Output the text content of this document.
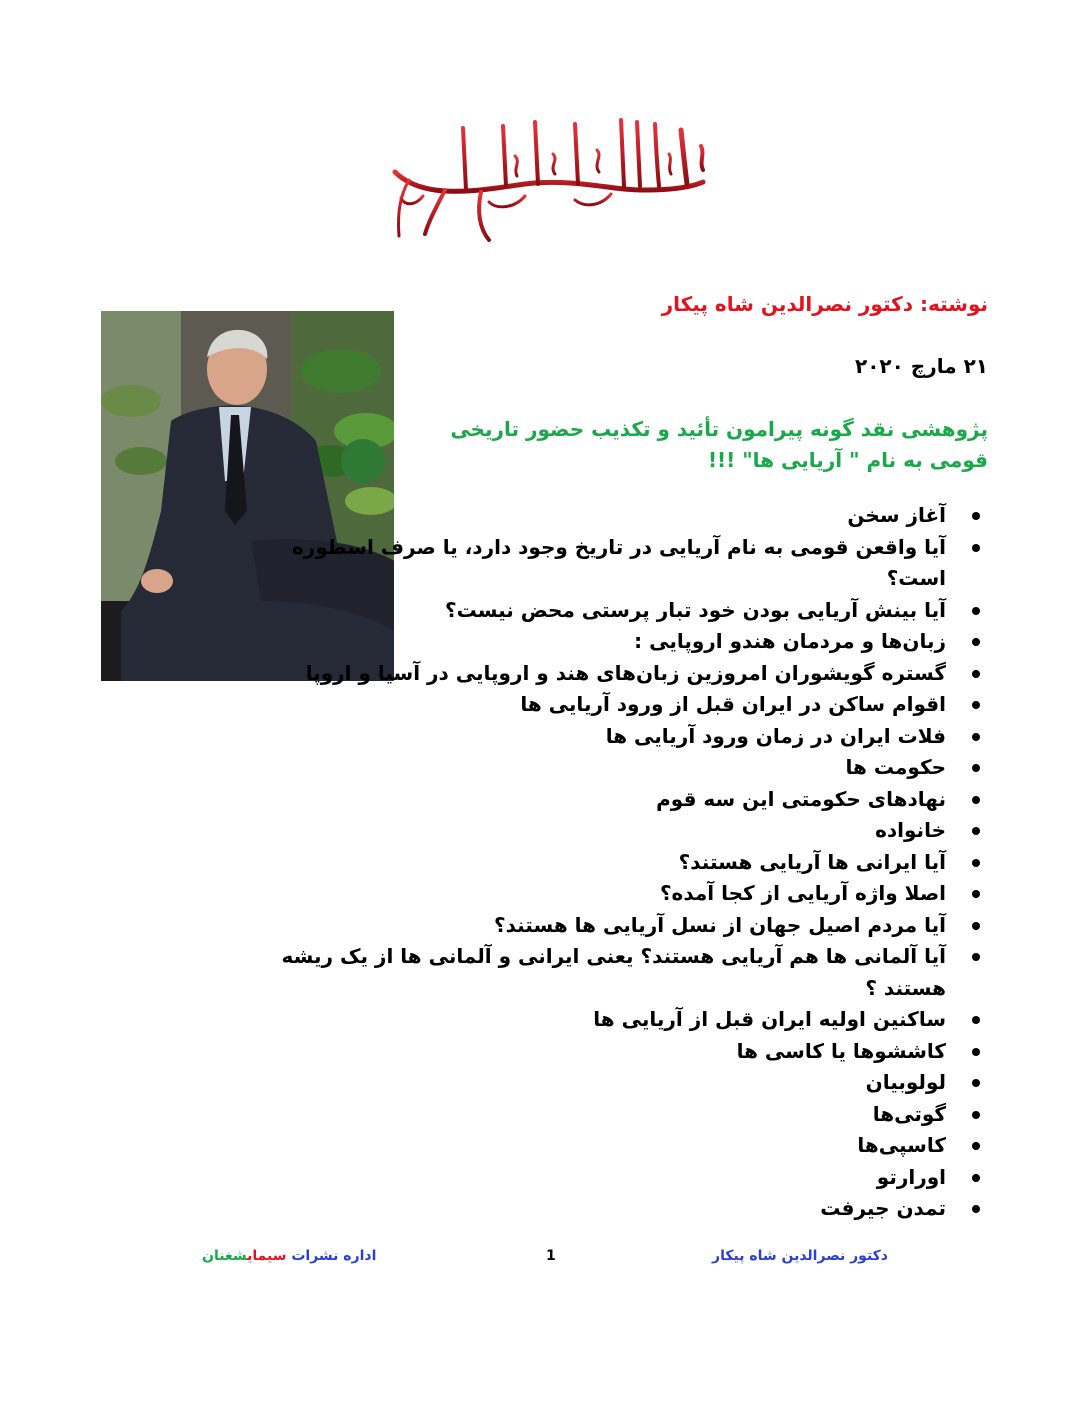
نوشته: دکتور نصرالدین شاه پیکار
۲۱ مارچ ۲۰۲۰
پژوهشی نقد گونه پیرامون تأئید و تکذیب حضور تاریخی قومی به نام " آریایی ها" !!!
آغاز سخن
آیا واقعن قومی به نام آریایی در تاریخ وجود دارد، یا صرف اسطوره است؟
آیا بینش آریایی بودن خود تبار پرستی محض نیست؟
زبان‌ها و مردمان هندو اروپایی :
گستره گویشوران امروزین زبان‌های هند و اروپایی در آسیا و اروپا
اقوام ساکن در ایران قبل از ورود آریایی ها
فلات ایران در زمان ورود آریایی ها
حکومت ها
نهادهای حکومتی این سه قوم
خانواده
آیا ایرانی ها آریایی هستند؟
اصلا واژه آریایی از کجا آمده؟
آیا مردم اصیل جهان از نسل آریایی ها هستند؟
آیا آلمانی ها هم آریایی هستند؟ یعنی ایرانی و آلمانی ها از یک ریشه هستند ؟
ساکنین اولیه ایران قبل از آریایی ها
کاششوها یا کاسی ها
لولوبیان
گوتی‌ها
کاسپی‌ها
اورارتو
تمدن جیرفت
دکتور نصرالدین شاه پیکار
1
اداره نشرات سیمایشغنان
